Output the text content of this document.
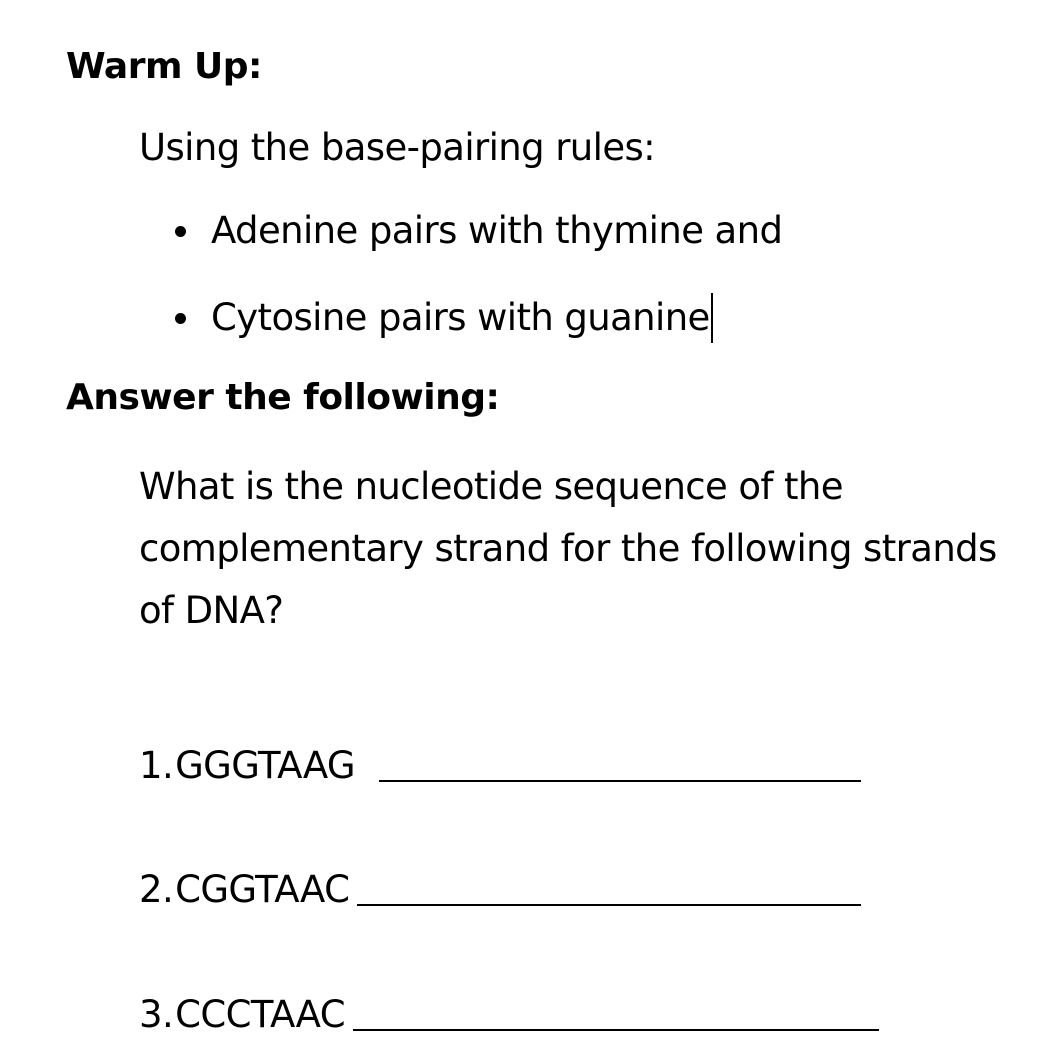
Warm Up:
Using the base-pairing rules:
Adenine pairs with thymine and
Cytosine pairs with guanine
Answer the following:
What is the nucleotide sequence of the complementary strand for the following strands of DNA?
1. GGGTAAG
2. CGGTAAC
3. CCCTAAC
